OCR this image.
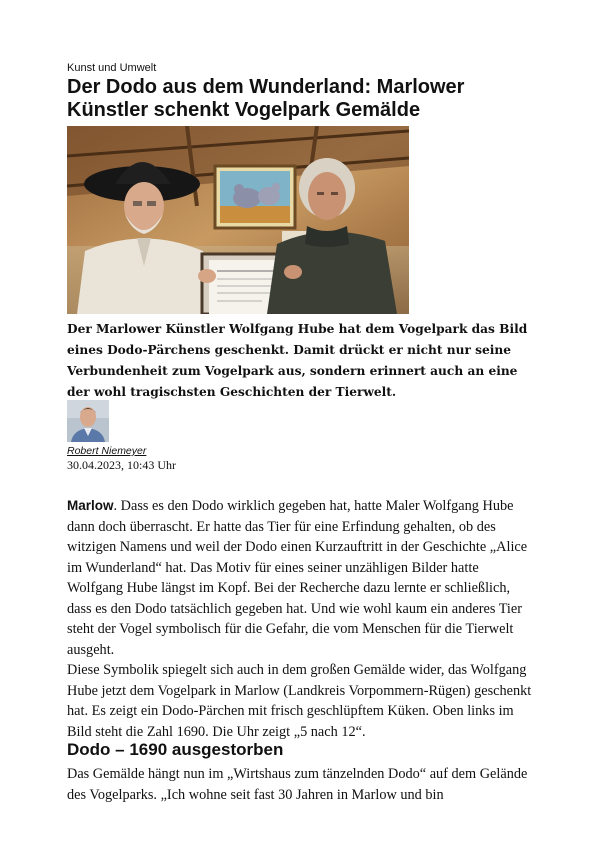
Kunst und Umwelt
Der Dodo aus dem Wunderland: Marlower Künstler schenkt Vogelpark Gemälde

Der Marlower Künstler Wolfgang Hube hat dem Vogelpark das Bild eines Dodo-Pärchens geschenkt. Damit drückt er nicht nur seine Verbundenheit zum Vogelpark aus, sondern erinnert auch an eine der wohl tragischsten Geschichten der Tierwelt.

Robert Niemeyer
30.04.2023, 10:43 Uhr

Marlow. Dass es den Dodo wirklich gegeben hat, hatte Maler Wolfgang Hube dann doch überrascht. Er hatte das Tier für eine Erfindung gehalten, ob des witzigen Namens und weil der Dodo einen Kurzauftritt in der Geschichte „Alice im Wunderland“ hat. Das Motiv für eines seiner unzähligen Bilder hatte Wolfgang Hube längst im Kopf. Bei der Recherche dazu lernte er schließlich, dass es den Dodo tatsächlich gegeben hat. Und wie wohl kaum ein anderes Tier steht der Vogel symbolisch für die Gefahr, die vom Menschen für die Tierwelt ausgeht.

Diese Symbolik spiegelt sich auch in dem großen Gemälde wider, das Wolfgang Hube jetzt dem Vogelpark in Marlow (Landkreis Vorpommern-Rügen) geschenkt hat. Es zeigt ein Dodo-Pärchen mit frisch geschlüpftem Küken. Oben links im Bild steht die Zahl 1690. Die Uhr zeigt „5 nach 12“.

Dodo – 1690 ausgestorben

Das Gemälde hängt nun im „Wirtshaus zum tänzelnden Dodo“ auf dem Gelände des Vogelparks. „Ich wohne seit fast 30 Jahren in Marlow und bin
